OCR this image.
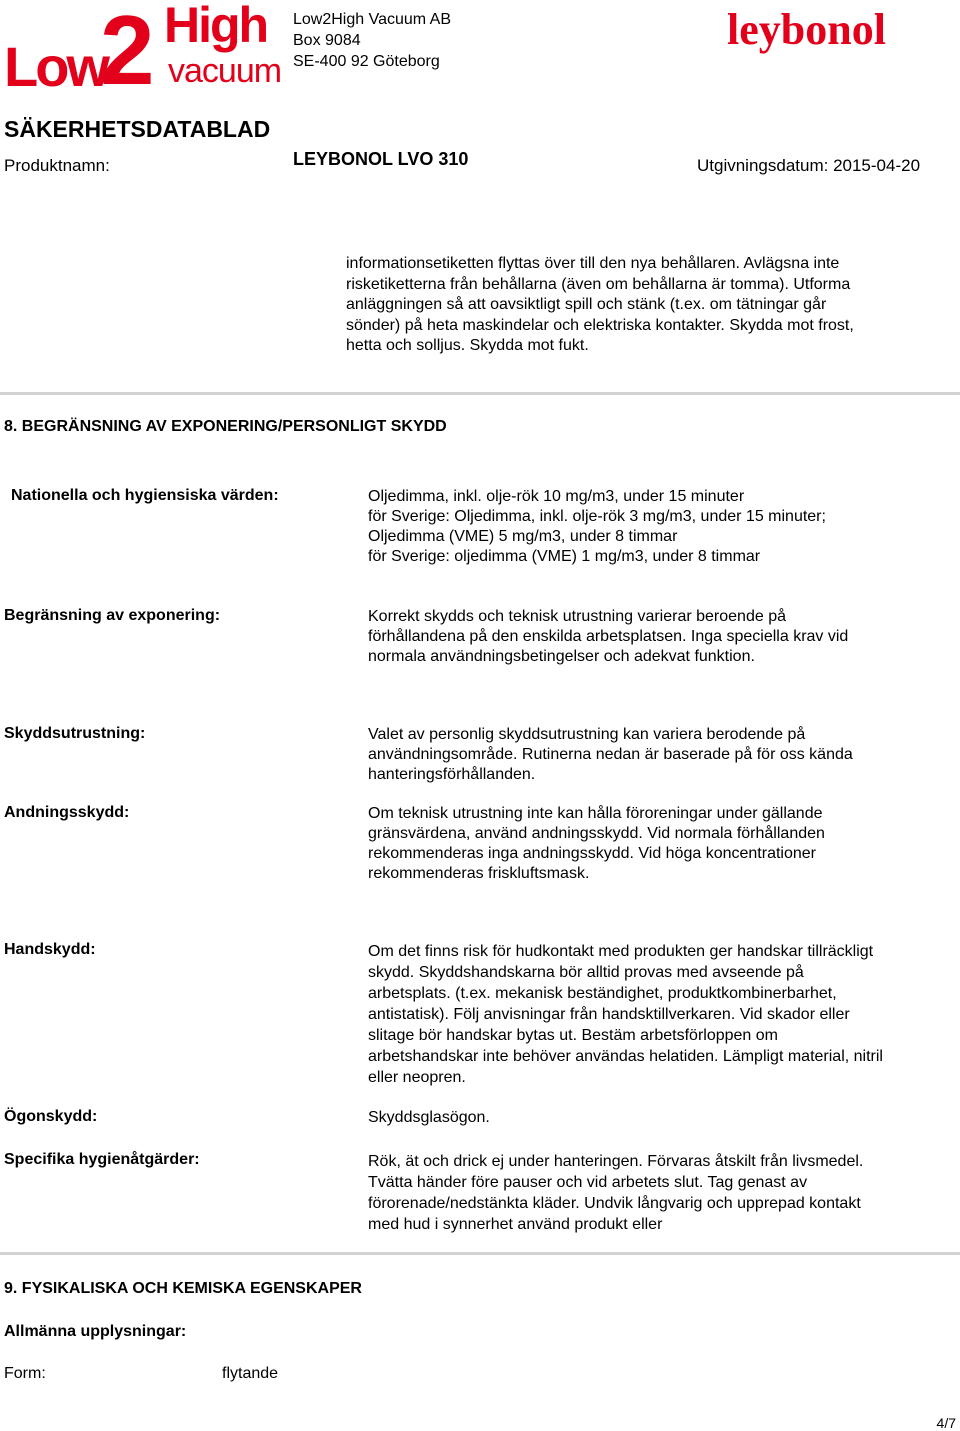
Low
2 High
vacuum
Low2High Vacuum AB
Box 9084
SE-400 92 Göteborg
leybonol
SÄKERHETSDATABLAD
Produktnamn:	LEYBONOL LVO 310	Utgivningsdatum: 2015-04-20
informationsetiketten flyttas över till den nya behållaren. Avlägsna inte
risketiketterna från behållarna (även om behållarna är tomma). Utforma
anläggningen så att oavsiktligt spill och stänk (t.ex. om tätningar går
sönder) på heta maskindelar och elektriska kontakter. Skydda mot frost,
hetta och solljus. Skydda mot fukt.
8. BEGRÄNSNING AV EXPONERING/PERSONLIGT SKYDD
Nationella och hygiensiska värden:	Oljedimma, inkl. olje-rök 10 mg/m3, under 15 minuter
för Sverige: Oljedimma, inkl. olje-rök 3 mg/m3, under 15 minuter;
Oljedimma (VME) 5 mg/m3, under 8 timmar
för Sverige: oljedimma (VME) 1 mg/m3, under 8 timmar
Begränsning av exponering:	Korrekt skydds och teknisk utrustning varierar beroende på
förhållandena på den enskilda arbetsplatsen. Inga speciella krav vid
normala användningsbetingelser och adekvat funktion.
Skyddsutrustning:	Valet av personlig skyddsutrustning kan variera berodende på
användningsområde. Rutinerna nedan är baserade på för oss kända
hanteringsförhållanden.
Andningsskydd:	Om teknisk utrustning inte kan hålla föroreningar under gällande
gränsvärdena, använd andningsskydd. Vid normala förhållanden
rekommenderas inga andningsskydd. Vid höga koncentrationer
rekommenderas friskluftsmask.
Handskydd:	Om det finns risk för hudkontakt med produkten ger handskar tillräckligt
skydd. Skyddshandskarna bör alltid provas med avseende på
arbetsplats. (t.ex. mekanisk beständighet, produktkombinerbarhet,
antistatisk). Följ anvisningar från handsktillverkaren. Vid skador eller
slitage bör handskar bytas ut. Bestäm arbetsförloppen om
arbetshandskar inte behöver användas helatiden. Lämpligt material, nitril
eller neopren.
Ögonskydd:	Skyddsglasögon.
Specifika hygienåtgärder:	Rök, ät och drick ej under hanteringen. Förvaras åtskilt från livsmedel.
Tvätta händer före pauser och vid arbetets slut. Tag genast av
förorenade/nedstänkta kläder. Undvik långvarig och upprepad kontakt
med hud i synnerhet använd produkt eller
9. FYSIKALISKA OCH KEMISKA EGENSKAPER
Allmänna upplysningar:
Form:	flytande
4/7
